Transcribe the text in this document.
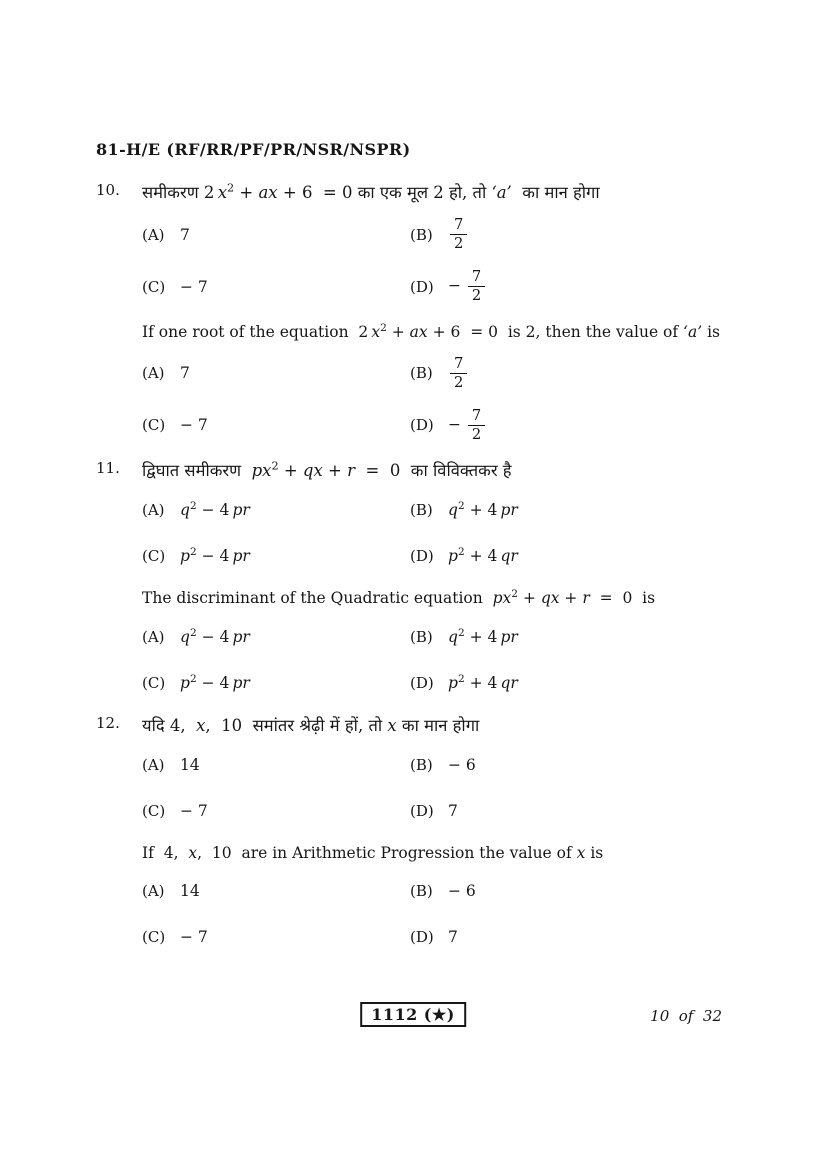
81-H/E (RF/RR/PF/PR/NSR/NSPR)
10.	समीकरण 2 $x^2$ + ax + 6  = 0 का एक मूल 2 हो, तो ‘a’  का मान होगा
(A) 7	(B)	$\frac{7}{2}$
(C) − 7	$(D) - \frac{7}{2}$
If one root of the equation  2 $x^2$ + ax + 6  = 0  is 2, then the value of ‘a’ is
(A) 7	(B)	$\frac{7}{2}$
(C) − 7	$(D) - \frac{7}{2}$
11.	द्विघात समीकरण  $px^2$ + qx + r  =  0  का विविक्तकर है
(A) $q^2 - 4$ pr	(B) $q^2 + 4$ pr
(C) $p^2 - 4$ pr	(D) $p^2 + 4$ qr
The discriminant of the Quadratic equation  $px^2$ + qx + r  =  0  is
(A) $q^2 - 4$ pr	(B) $q^2 + 4$ pr
(C) $p^2 - 4$ pr	(D) $p^2 + 4$ qr
12.	यदि 4,  x,  10  समांतर श्रेढ़ी में हों, तो x का मान होगा
(A) 14	(B) − 6
(C) − 7	(D) 7
If  4,  x,  10  are in Arithmetic Progression the value of x is
(A) 14	(B) − 6
(C) − 7	(D) 7
1112 (★)	10  of  32
